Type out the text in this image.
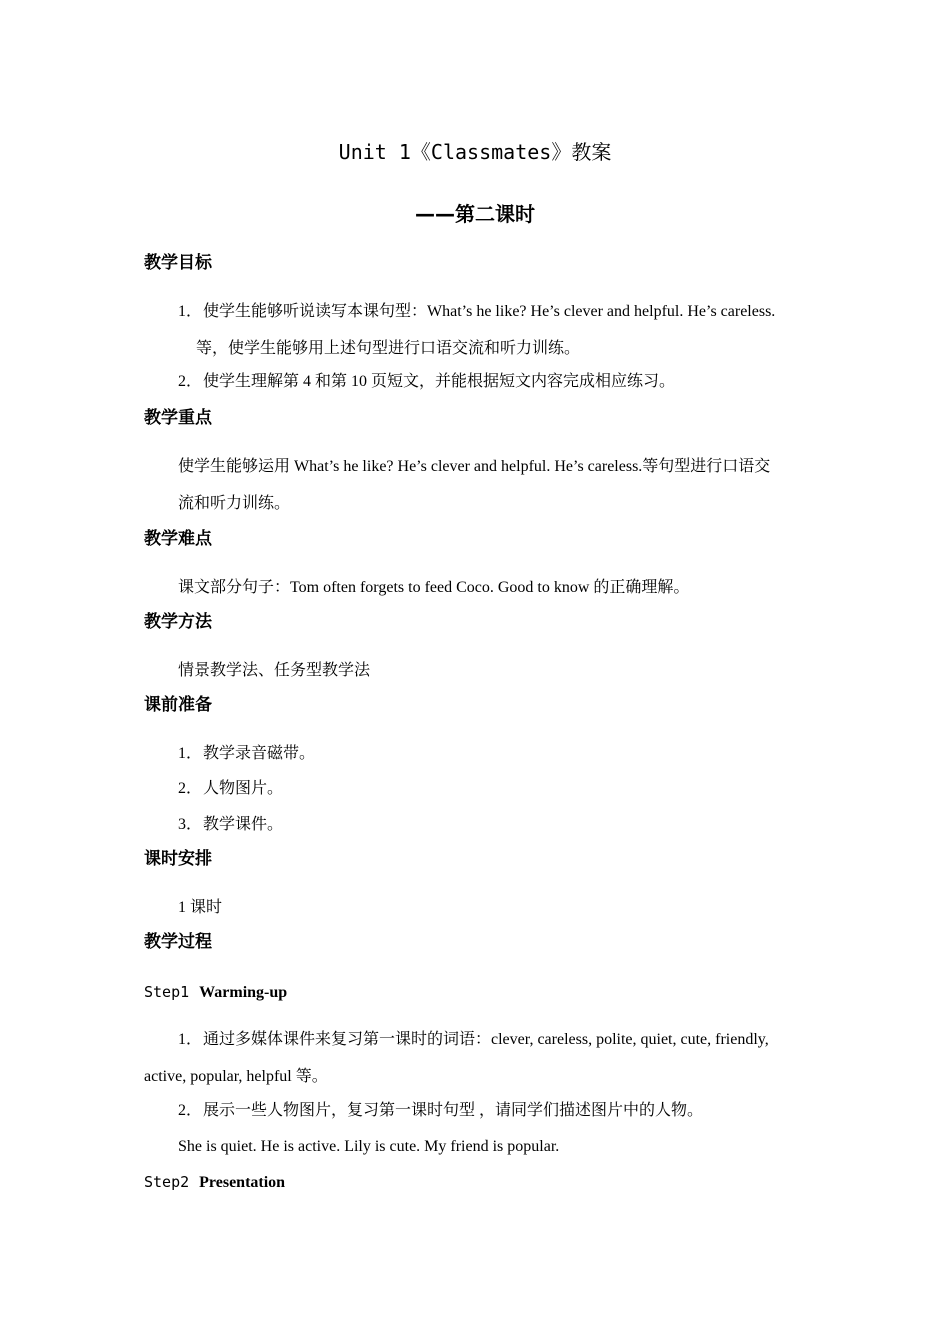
Unit 1《Classmates》教案
——第二课时
教学目标
1． 使学生能够听说读写本课句型：What’s he like? He’s clever and helpful. He’s careless.
等，使学生能够用上述句型进行口语交流和听力训练。
2． 使学生理解第 4 和第 10 页短文，并能根据短文内容完成相应练习。
教学重点
使学生能够运用 What’s he like? He’s clever and helpful. He’s careless.等句型进行口语交
流和听力训练。
教学难点
课文部分句子：Tom often forgets to feed Coco. Good to know 的正确理解。
教学方法
情景教学法、任务型教学法
课前准备
1． 教学录音磁带。
2． 人物图片。
3． 教学课件。
课时安排
1 课时
教学过程
Step1 Warming-up
1． 通过多媒体课件来复习第一课时的词语：clever, careless, polite, quiet, cute, friendly,
active, popular, helpful 等。
2． 展示一些人物图片，复习第一课时句型 ，请同学们描述图片中的人物。
She is quiet. He is active. Lily is cute. My friend is popular.
Step2 Presentation
